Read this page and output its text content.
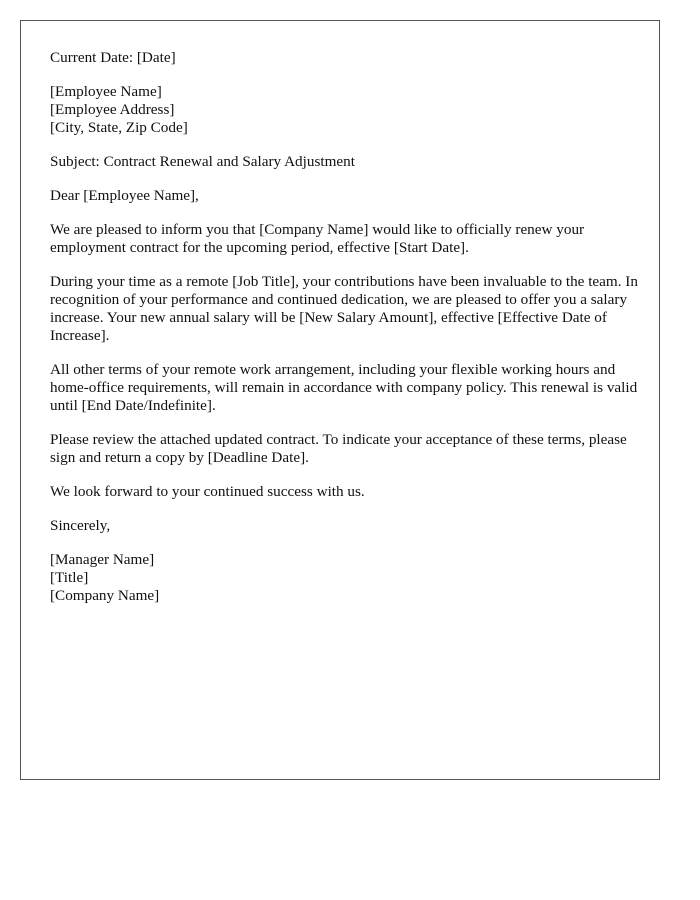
Current Date: [Date]
[Employee Name]
[Employee Address]
[City, State, Zip Code]
Subject: Contract Renewal and Salary Adjustment
Dear [Employee Name],
We are pleased to inform you that [Company Name] would like to officially renew your employment contract for the upcoming period, effective [Start Date].
During your time as a remote [Job Title], your contributions have been invaluable to the team. In recognition of your performance and continued dedication, we are pleased to offer you a salary increase. Your new annual salary will be [New Salary Amount], effective [Effective Date of Increase].
All other terms of your remote work arrangement, including your flexible working hours and home-office requirements, will remain in accordance with company policy. This renewal is valid until [End Date/Indefinite].
Please review the attached updated contract. To indicate your acceptance of these terms, please sign and return a copy by [Deadline Date].
We look forward to your continued success with us.
Sincerely,
[Manager Name]
[Title]
[Company Name]
